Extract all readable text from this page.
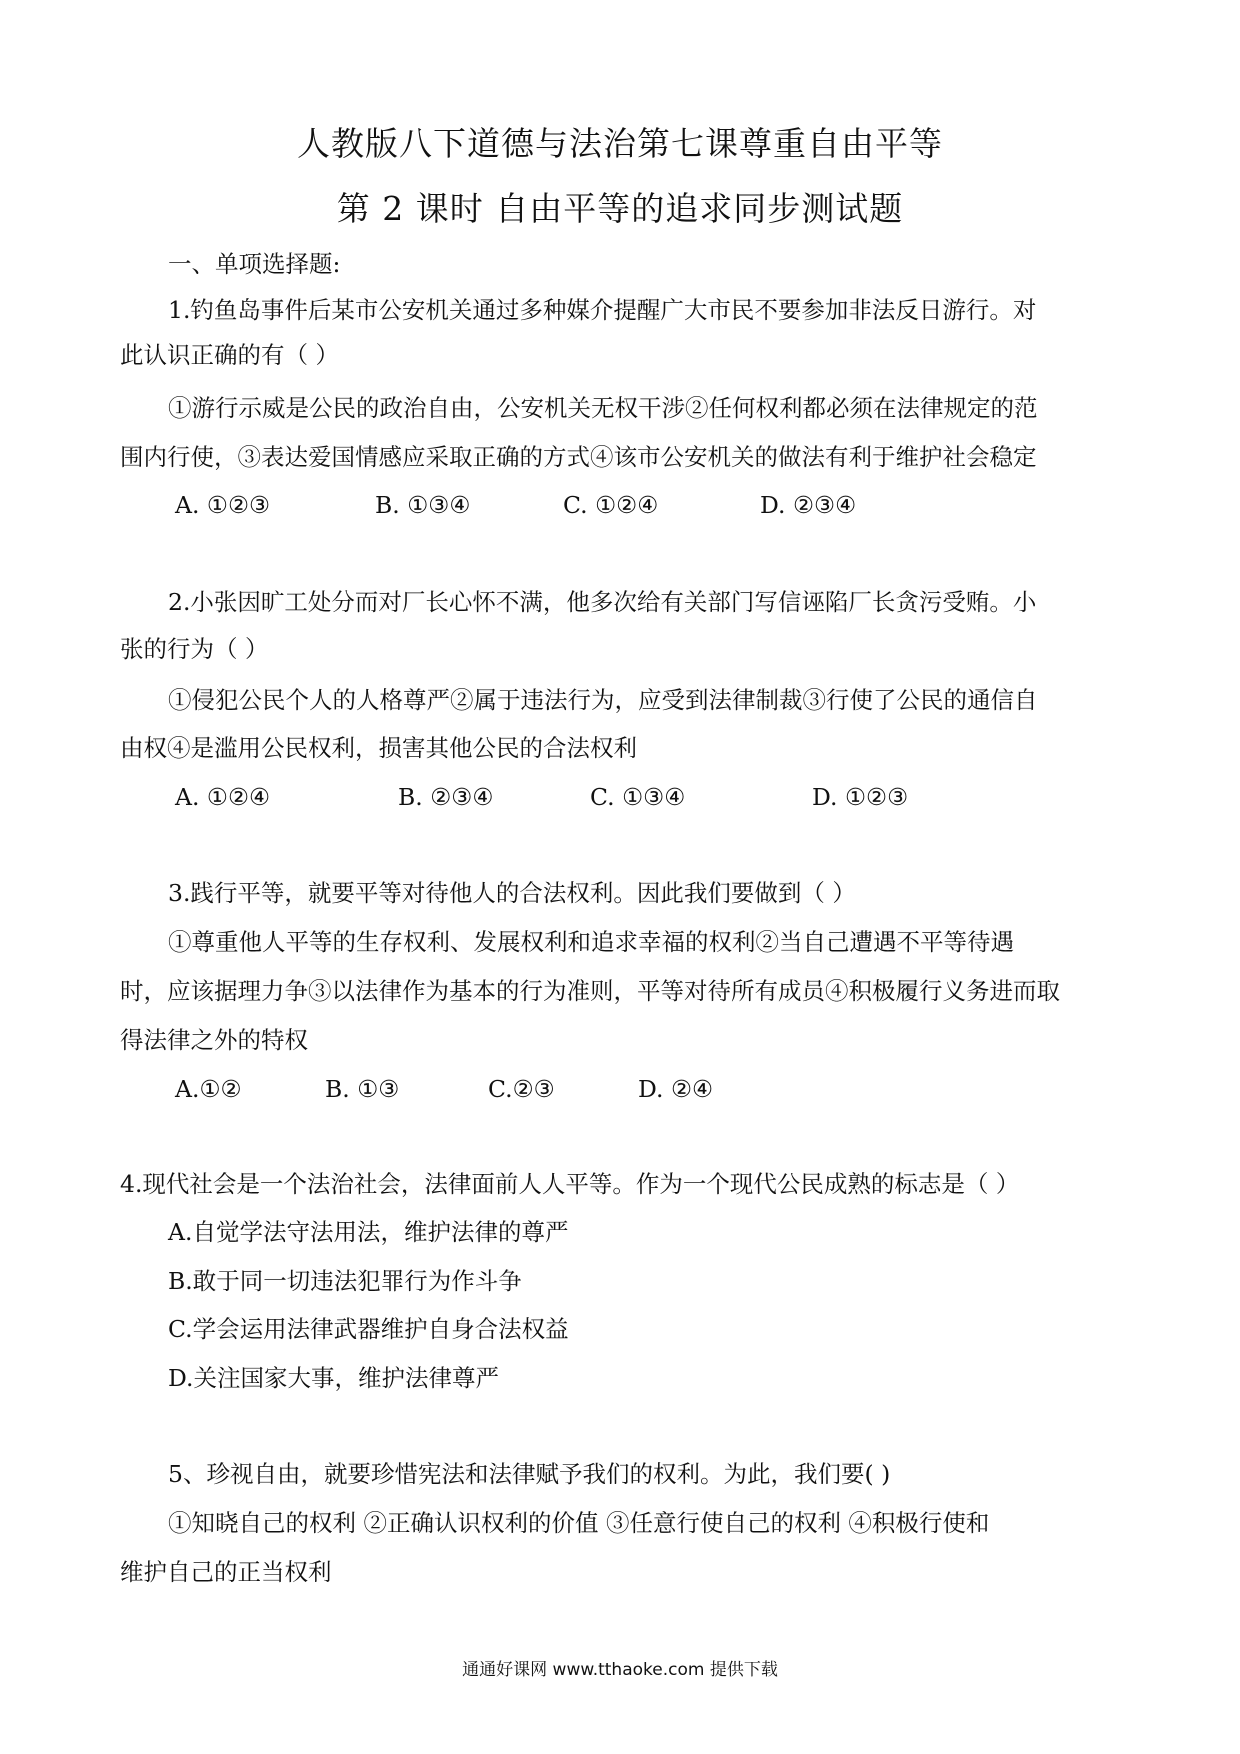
人教版八下道德与法治第七课尊重自由平等
第 2 课时 自由平等的追求同步测试题
一、单项选择题:
1.钓鱼岛事件后某市公安机关通过多种媒介提醒广大市民不要参加非法反日游行。对
此认识正确的有（ ）
①游行示威是公民的政治自由，公安机关无权干涉②任何权利都必须在法律规定的范
围内行使，③表达爱国情感应采取正确的方式④该市公安机关的做法有利于维护社会稳定
A. ①②③	B. ①③④	C. ①②④	D. ②③④
2.小张因旷工处分而对厂长心怀不满，他多次给有关部门写信诬陷厂长贪污受贿。小
张的行为（ ）
①侵犯公民个人的人格尊严②属于违法行为，应受到法律制裁③行使了公民的通信自
由权④是滥用公民权利，损害其他公民的合法权利
A. ①②④	B. ②③④	C. ①③④	D. ①②③
3.践行平等，就要平等对待他人的合法权利。因此我们要做到（ ）
①尊重他人平等的生存权利、发展权利和追求幸福的权利②当自己遭遇不平等待遇
时，应该据理力争③以法律作为基本的行为准则，平等对待所有成员④积极履行义务进而取
得法律之外的特权
A.①②	B. ①③	C.②③	D. ②④
4.现代社会是一个法治社会，法律面前人人平等。作为一个现代公民成熟的标志是（ ）
A.自觉学法守法用法，维护法律的尊严
B.敢于同一切违法犯罪行为作斗争
C.学会运用法律武器维护自身合法权益
D.关注国家大事，维护法律尊严
5、珍视自由，就要珍惜宪法和法律赋予我们的权利。为此，我们要( )
①知晓自己的权利 ②正确认识权利的价值 ③任意行使自己的权利 ④积极行使和
维护自己的正当权利
通通好课网 www.tthaoke.com 提供下载
